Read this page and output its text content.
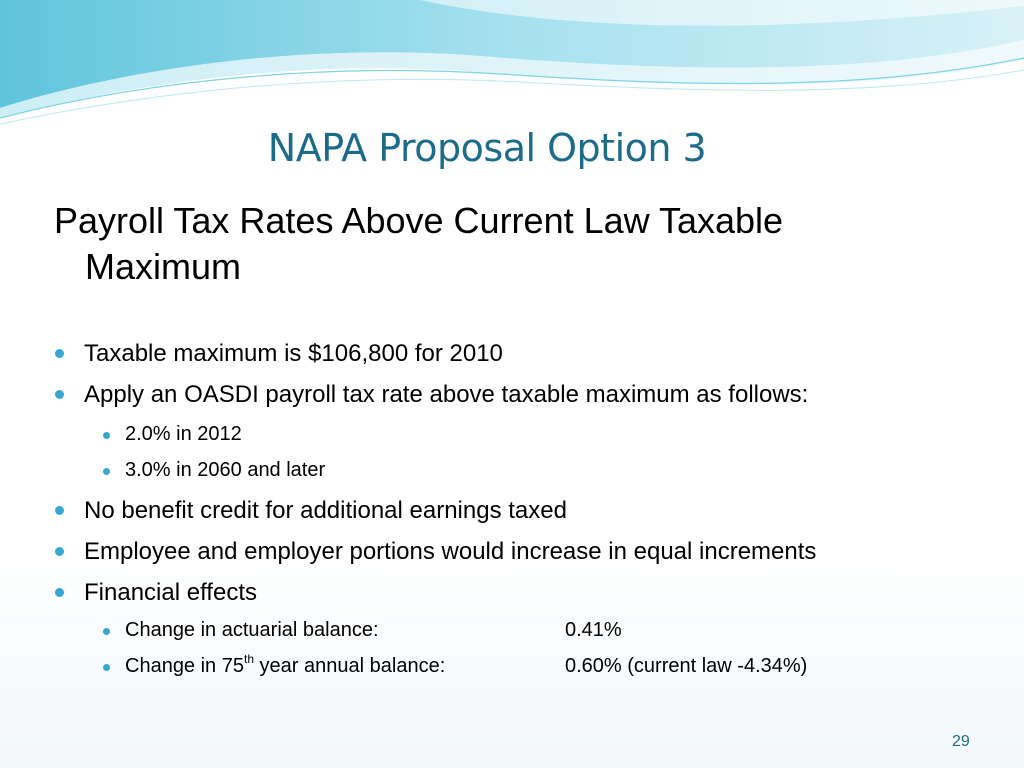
NAPA Proposal Option 3
Payroll Tax Rates Above Current Law Taxable
Maximum
Taxable maximum is $106,800 for 2010
Apply an OASDI payroll tax rate above taxable maximum as follows:
2.0% in 2012
3.0% in 2060 and later
No benefit credit for additional earnings taxed
Employee and employer portions would increase in equal increments
Financial effects
Change in actuarial balance:	0.41%
Change in 75th year annual balance:	0.60% (current law -4.34%)
29
